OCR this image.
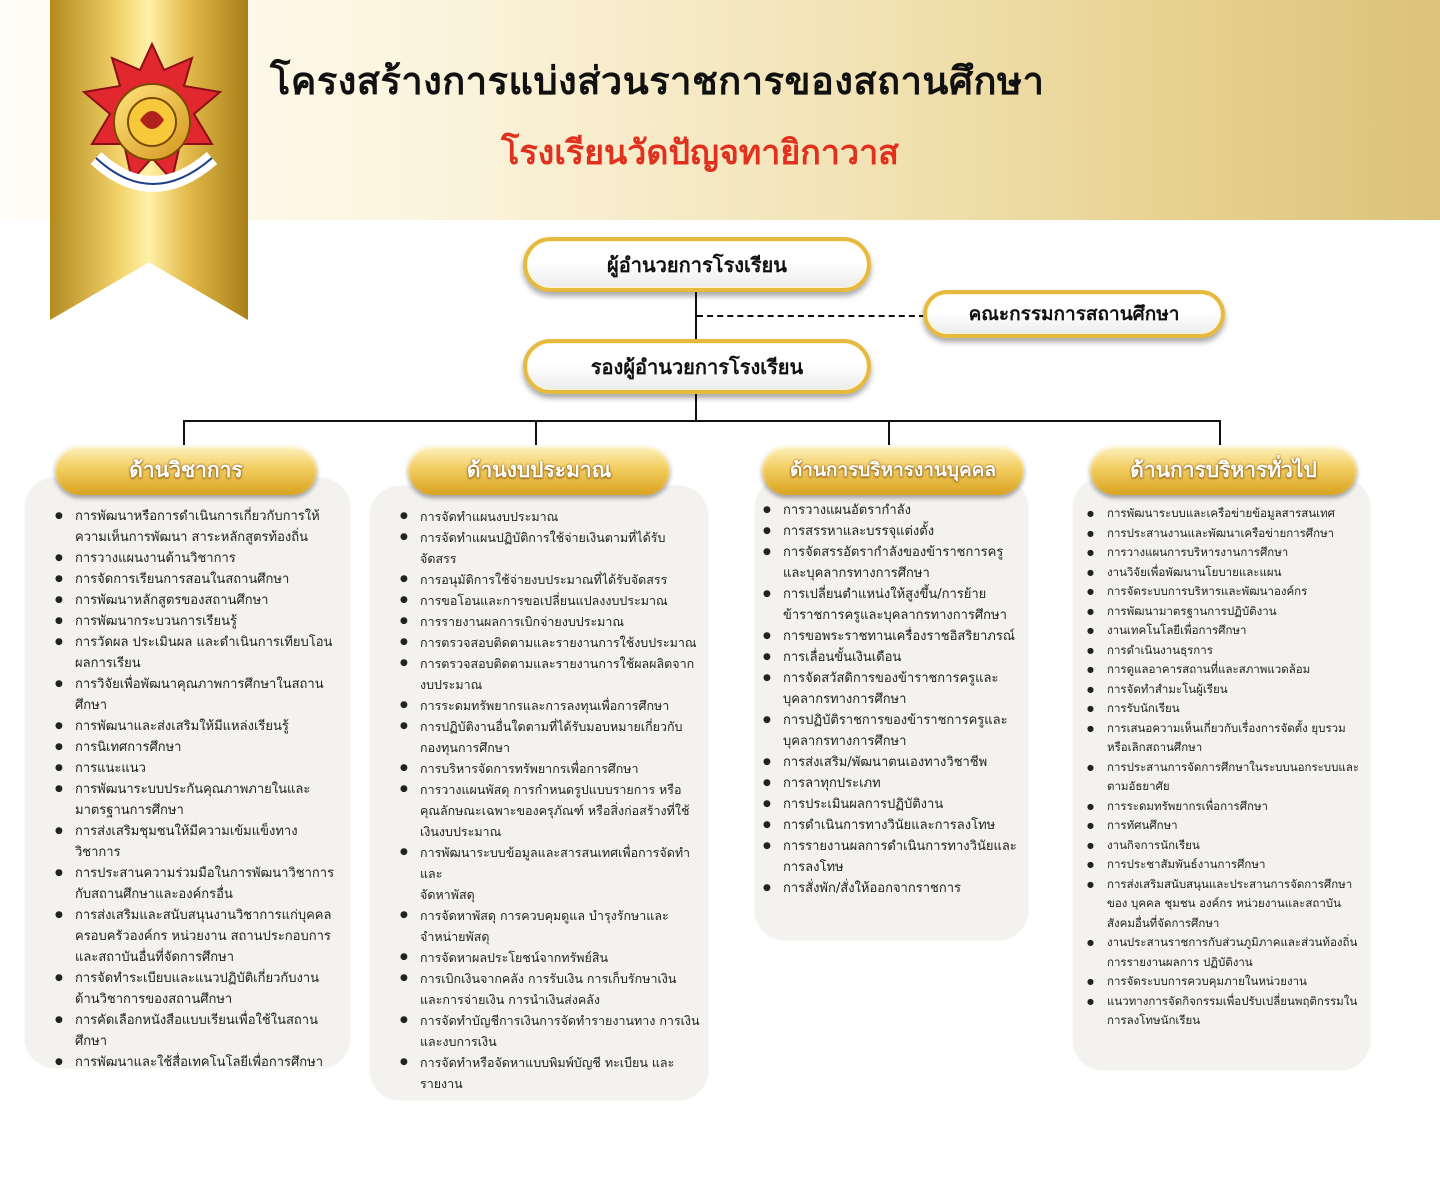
โครงสร้างการแบ่งส่วนราชการของสถานศึกษา
โรงเรียนวัดปัญจทายิกาวาส
ผู้อำนวยการโรงเรียน
คณะกรรมการสถานศึกษา
รองผู้อำนวยการโรงเรียน
ด้านวิชาการ
● การพัฒนาหรือการดำเนินการเกี่ยวกับการให้ความเห็นการพัฒนา สาระหลักสูตรท้องถิ่น
● การวางแผนงานด้านวิชาการ
● การจัดการเรียนการสอนในสถานศึกษา
● การพัฒนาหลักสูตรของสถานศึกษา
● การพัฒนากระบวนการเรียนรู้
● การวัดผล ประเมินผล และดำเนินการเทียบโอนผลการเรียน
● การวิจัยเพื่อพัฒนาคุณภาพการศึกษาในสถานศึกษา
● การพัฒนาและส่งเสริมให้มีแหล่งเรียนรู้
● การนิเทศการศึกษา
● การแนะแนว
● การพัฒนาระบบประกันคุณภาพภายในและมาตรฐานการศึกษา
● การส่งเสริมชุมชนให้มีความเข้มแข็งทางวิชาการ
● การประสานความร่วมมือในการพัฒนาวิชาการกับสถานศึกษาและองค์กรอื่น
● การส่งเสริมและสนับสนุนงานวิชาการแก่บุคคล ครอบครัวองค์กร หน่วยงาน สถานประกอบการ และสถาบันอื่นที่จัดการศึกษา
● การจัดทำระเบียบและแนวปฏิบัติเกี่ยวกับงานด้านวิชาการของสถานศึกษา
● การคัดเลือกหนังสือแบบเรียนเพื่อใช้ในสถานศึกษา
● การพัฒนาและใช้สื่อเทคโนโลยีเพื่อการศึกษา
ด้านงบประมาณ
● การจัดทำแผนงบประมาณ
● การจัดทำแผนปฏิบัติการใช้จ่ายเงินตามที่ได้รับจัดสรร
● การอนุมัติการใช้จ่ายงบประมาณที่ได้รับจัดสรร
● การขอโอนและการขอเปลี่ยนแปลงงบประมาณ
● การรายงานผลการเบิกจ่ายงบประมาณ
● การตรวจสอบติดตามและรายงานการใช้งบประมาณ
● การตรวจสอบติดตามและรายงานการใช้ผลผลิตจากงบประมาณ
● การระดมทรัพยากรและการลงทุนเพื่อการศึกษา
● การปฏิบัติงานอื่นใดตามที่ได้รับมอบหมายเกี่ยวกับกองทุนการศึกษา
● การบริหารจัดการทรัพยากรเพื่อการศึกษา
● การวางแผนพัสดุ การกำหนดรูปแบบรายการ หรือคุณลักษณะเฉพาะของครุภัณฑ์ หรือสิ่งก่อสร้างที่ใช้เงินงบประมาณ
● การพัฒนาระบบข้อมูลและสารสนเทศเพื่อการจัดทำและ
จัดหาพัสดุ
● การจัดหาพัสดุ การควบคุมดูแล บำรุงรักษาและจำหน่ายพัสดุ
● การจัดหาผลประโยชน์จากทรัพย์สิน
● การเบิกเงินจากคลัง การรับเงิน การเก็บรักษาเงิน และการจ่ายเงิน การนำเงินส่งคลัง
● การจัดทำบัญชีการเงินการจัดทำรายงานทาง การเงินและงบการเงิน
● การจัดทำหรือจัดหาแบบพิมพ์บัญชี ทะเบียน และรายงาน
ด้านการบริหารงานบุคคล
● การวางแผนอัตรากำลัง
● การสรรหาและบรรจุแต่งตั้ง
● การจัดสรรอัตรากำลังของข้าราชการครูและบุคลากรทางการศึกษา
● การเปลี่ยนตำแหน่งให้สูงขึ้น/การย้ายข้าราชการครูและบุคลากรทางการศึกษา
● การขอพระราชทานเครื่องราชอิสริยาภรณ์
● การเลื่อนขั้นเงินเดือน
● การจัดสวัสดิการของข้าราชการครูและบุคลากรทางการศึกษา
● การปฏิบัติราชการของข้าราชการครูและบุคลากรทางการศึกษา
● การส่งเสริม/พัฒนาตนเองทางวิชาชีพ
● การลาทุกประเภท
● การประเมินผลการปฏิบัติงาน
● การดำเนินการทางวินัยและการลงโทษ
● การรายงานผลการดำเนินการทางวินัยและการลงโทษ
● การสั่งพัก/สั่งให้ออกจากราชการ
ด้านการบริหารทั่วไป
● การพัฒนาระบบและเครือข่ายข้อมูลสารสนเทศ
● การประสานงานและพัฒนาเครือข่ายการศึกษา
● การวางแผนการบริหารงานการศึกษา
● งานวิจัยเพื่อพัฒนานโยบายและแผน
● การจัดระบบการบริหารและพัฒนาองค์กร
● การพัฒนามาตรฐานการปฏิบัติงาน
● งานเทคโนโลยีเพื่อการศึกษา
● การดำเนินงานธุรการ
● การดูแลอาคารสถานที่และสภาพแวดล้อม
● การจัดทำสำมะโนผู้เรียน
● การรับนักเรียน
● การเสนอความเห็นเกี่ยวกับเรื่องการจัดตั้ง ยุบรวมหรือเลิกสถานศึกษา
● การประสานการจัดการศึกษาในระบบนอกระบบและตามอัธยาศัย
● การระดมทรัพยากรเพื่อการศึกษา
● การทัศนศึกษา
● งานกิจการนักเรียน
● การประชาสัมพันธ์งานการศึกษา
● การส่งเสริมสนับสนุนและประสานการจัดการศึกษาของ บุคคล ชุมชน องค์กร หน่วยงานและสถาบันสังคมอื่นที่จัดการศึกษา
● งานประสานราชการกับส่วนภูมิภาคและส่วนท้องถิ่นการรายงานผลการ ปฏิบัติงาน
● การจัดระบบการควบคุมภายในหน่วยงาน
● แนวทางการจัดกิจกรรมเพื่อปรับเปลี่ยนพฤติกรรมในการลงโทษนักเรียน
